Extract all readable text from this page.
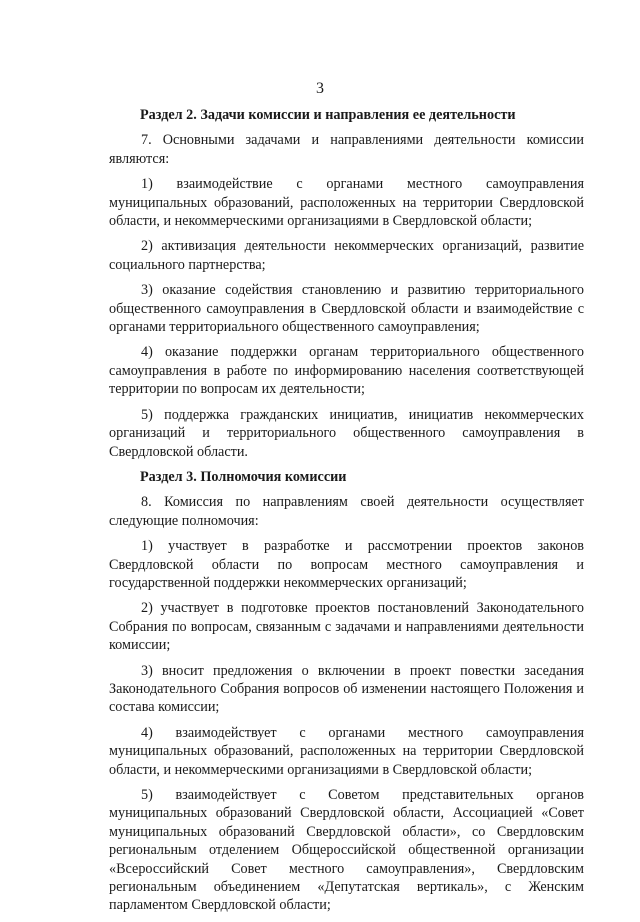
3
Раздел 2. Задачи комиссии и направления ее деятельности

7. Основными задачами и направлениями деятельности комиссии являются:

1) взаимодействие с органами местного самоуправления муниципальных образований, расположенных на территории Свердловской области, и некоммерческими организациями в Свердловской области;

2) активизация деятельности некоммерческих организаций, развитие социального партнерства;

3) оказание содействия становлению и развитию территориального общественного самоуправления в Свердловской области и взаимодействие с органами территориального общественного самоуправления;

4) оказание поддержки органам территориального общественного самоуправления в работе по информированию населения соответствующей территории по вопросам их деятельности;

5) поддержка гражданских инициатив, инициатив некоммерческих организаций и территориального общественного самоуправления в Свердловской области.

Раздел 3. Полномочия комиссии

8. Комиссия по направлениям своей деятельности осуществляет следующие полномочия:

1) участвует в разработке и рассмотрении проектов законов Свердловской области по вопросам местного самоуправления и государственной поддержки некоммерческих организаций;

2) участвует в подготовке проектов постановлений Законодательного Собрания по вопросам, связанным с задачами и направлениями деятельности комиссии;

3) вносит предложения о включении в проект повестки заседания Законодательного Собрания вопросов об изменении настоящего Положения и состава комиссии;

4) взаимодействует с органами местного самоуправления муниципальных образований, расположенных на территории Свердловской области, и некоммерческими организациями в Свердловской области;

5) взаимодействует с Советом представительных органов муниципальных образований Свердловской области, Ассоциацией «Совет муниципальных образований Свердловской области», со Свердловским региональным отделением Общероссийской общественной организации «Всероссийский Совет местного самоуправления», Свердловским региональным объединением «Депутатская вертикаль», с Женским парламентом Свердловской области;
